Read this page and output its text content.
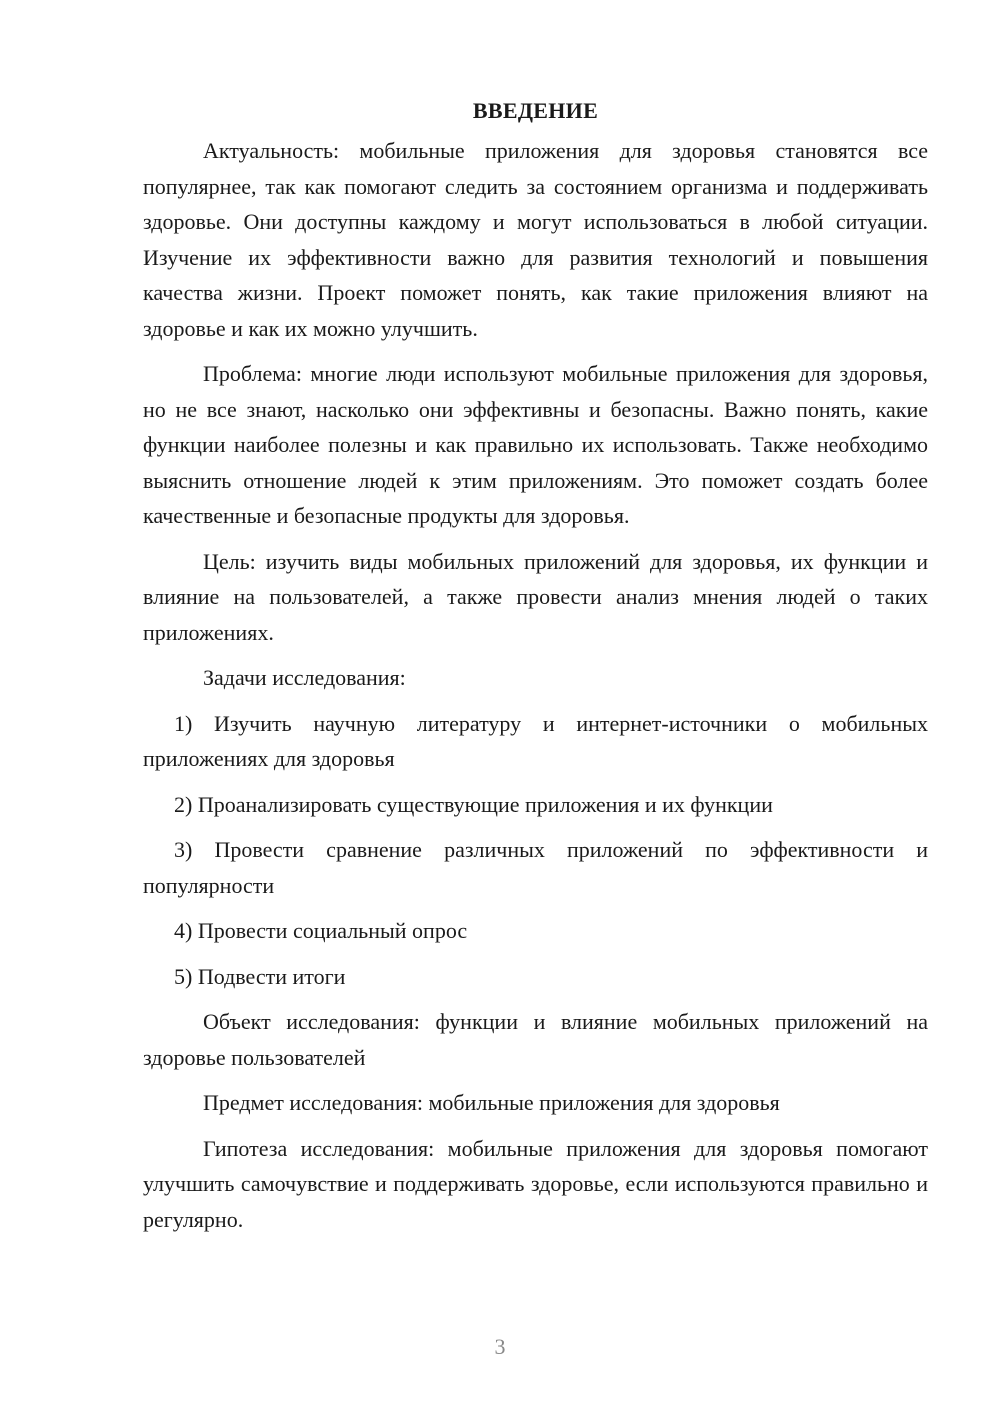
ВВЕДЕНИЕ

Актуальность: мобильные приложения для здоровья становятся все популярнее, так как помогают следить за состоянием организма и поддерживать здоровье. Они доступны каждому и могут использоваться в любой ситуации. Изучение их эффективности важно для развития технологий и повышения качества жизни. Проект поможет понять, как такие приложения влияют на здоровье и как их можно улучшить.

Проблема: многие люди используют мобильные приложения для здоровья, но не все знают, насколько они эффективны и безопасны. Важно понять, какие функции наиболее полезны и как правильно их использовать. Также необходимо выяснить отношение людей к этим приложениям. Это поможет создать более качественные и безопасные продукты для здоровья.

Цель: изучить виды мобильных приложений для здоровья, их функции и влияние на пользователей, а также провести анализ мнения людей о таких приложениях.

Задачи исследования:

1) Изучить научную литературу и интернет-источники о мобильных приложениях для здоровья

2) Проанализировать существующие приложения и их функции

3) Провести сравнение различных приложений по эффективности и популярности

4) Провести социальный опрос

5) Подвести итоги

Объект исследования: функции и влияние мобильных приложений на здоровье пользователей

Предмет исследования: мобильные приложения для здоровья

Гипотеза исследования: мобильные приложения для здоровья помогают улучшить самочувствие и поддерживать здоровье, если используются правильно и регулярно.

3
